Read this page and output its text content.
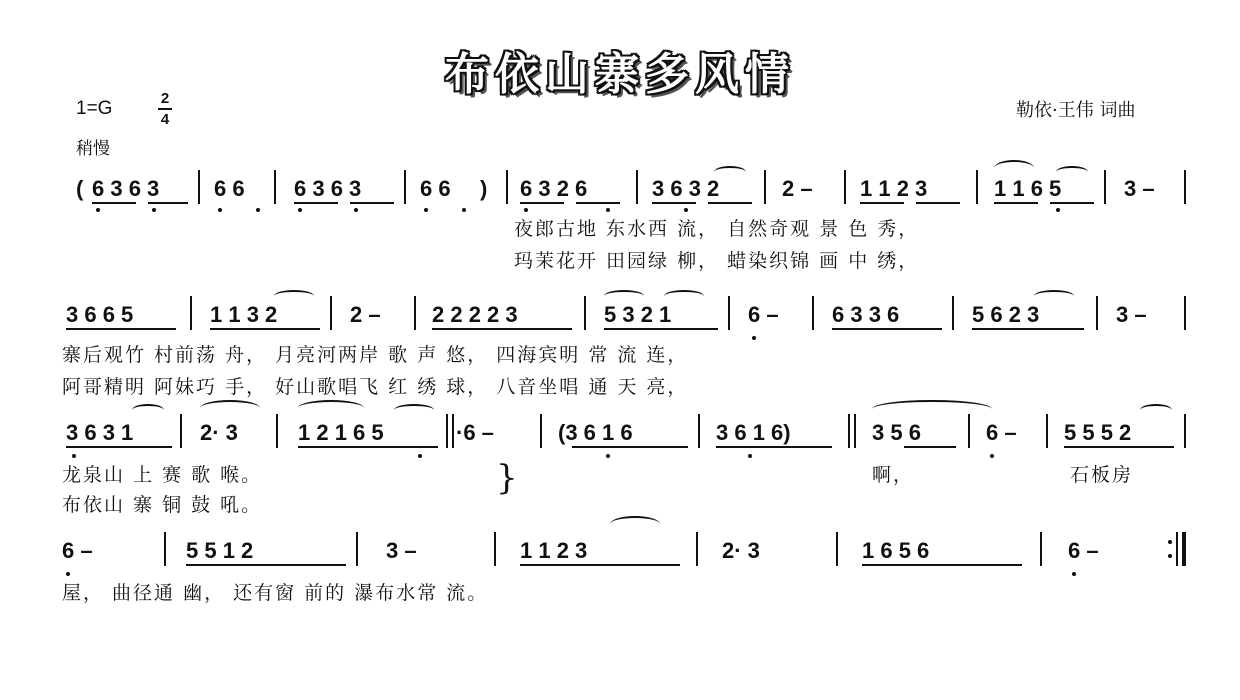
布依山寨多风情
1=G	2
4
稍慢
勒依·王伟 词曲
( 6 3 6 3 6 6 6 3 6 3	6 6 ) 6 3 2 6	3 6 3 2	2 – 1 1 2 3	1 1 6 5	3 –
夜郎古地 东水西 流， 自然奇观 景 色 秀，
玛茉花开 田园绿 柳， 蜡染织锦 画 中 绣，
3 6 6 5	1 1 3 2	2 – 2 2 2 2 3	5 3 2 1	6 – 6 3 3 6	5 6 2 3	3 –
寨后观竹 村前荡 舟， 月亮河两岸 歌 声 悠， 四海宾明 常 流 连，
阿哥精明 阿妹巧 手， 好山歌唱飞 红 绣 球， 八音坐唱 通 天 亮，
3 6 3 1	2· 3	1 2 1 6 5	·6 –	(3 6 1 6	3 6 1 6)	3 5 6	6 – 5 5 5 2
龙泉山 上 赛 歌 喉。
布依山 寨 铜 鼓 吼。
}	啊，	石板房
6 –	5 5 1 2	3 –	1 1 2 3	2· 3	1 6 5 6	6 –
屋， 曲径通 幽， 还有窗 前的 瀑布水常 流。
